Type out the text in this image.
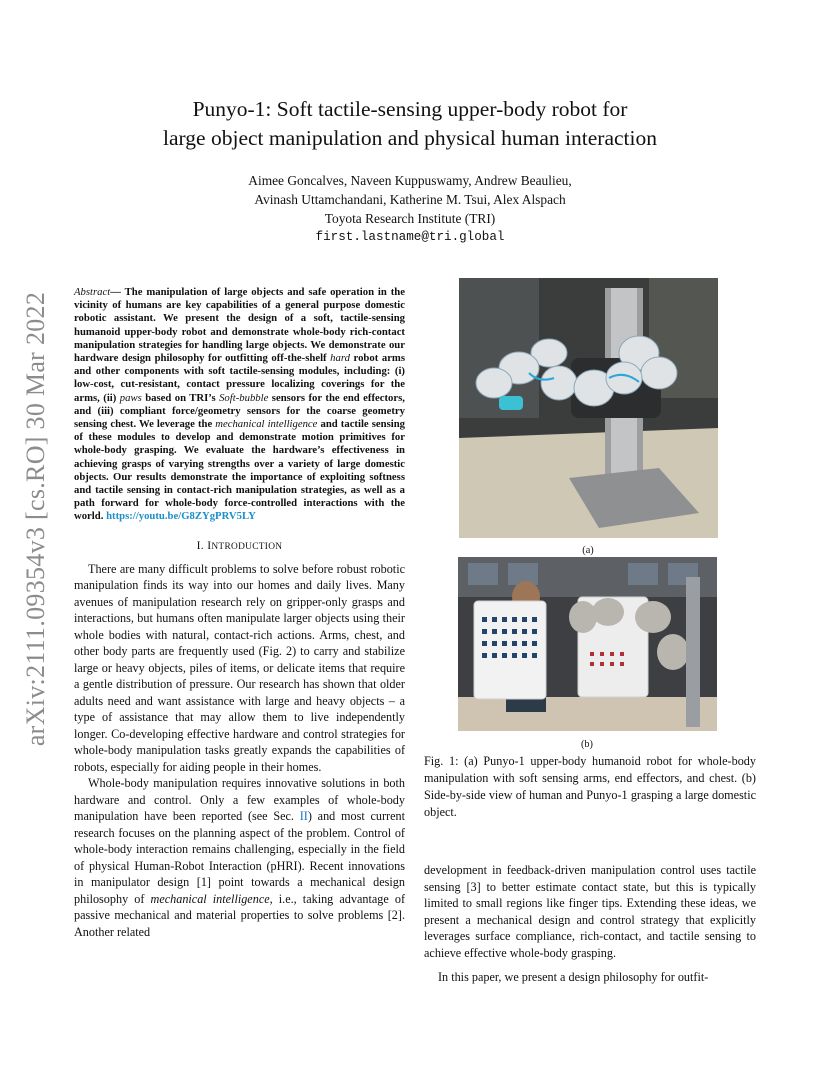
arXiv:2111.09354v3 [cs.RO] 30 Mar 2022
Punyo-1: Soft tactile-sensing upper-body robot for
large object manipulation and physical human interaction
Aimee Goncalves, Naveen Kuppuswamy, Andrew Beaulieu,
Avinash Uttamchandani, Katherine M. Tsui, Alex Alspach
Toyota Research Institute (TRI)
first.lastname@tri.global

Abstract— The manipulation of large objects and safe operation in the vicinity of humans are key capabilities of a general purpose domestic robotic assistant. We present the design of a soft, tactile-sensing humanoid upper-body robot and demonstrate whole-body rich-contact manipulation strategies for handling large objects. We demonstrate our hardware design philosophy for outfitting off-the-shelf hard robot arms and other components with soft tactile-sensing modules, including: (i) low-cost, cut-resistant, contact pressure localizing coverings for the arms, (ii) paws based on TRI’s Soft-bubble sensors for the end effectors, and (iii) compliant force/geometry sensors for the coarse geometry sensing chest. We leverage the mechanical intelligence and tactile sensing of these modules to develop and demonstrate motion primitives for whole-body grasping. We evaluate the hardware’s effectiveness in achieving grasps of varying strengths over a variety of large domestic objects. Our results demonstrate the importance of exploiting softness and tactile sensing in contact-rich manipulation strategies, as well as a path forward for whole-body force-controlled interactions with the world. https://youtu.be/G8ZYgPRV5LY

I. INTRODUCTION

There are many difficult problems to solve before robust robotic manipulation finds its way into our homes and daily lives. Many avenues of manipulation research rely on gripper-only grasps and interactions, but humans often manipulate larger objects using their whole bodies with natural, contact-rich actions. Arms, chest, and other body parts are frequently used (Fig. 2) to carry and stabilize large or heavy objects, piles of items, or delicate items that require a gentle distribution of pressure. Our research has shown that older adults need and want assistance with large and heavy objects – a type of assistance that may allow them to live independently longer. Co-developing effective hardware and control strategies for whole-body manipulation tasks greatly expands the capabilities of robots, especially for aiding people in their homes.

Whole-body manipulation requires innovative solutions in both hardware and control. Only a few examples of whole-body manipulation have been reported (see Sec. II) and most current research focuses on the planning aspect of the problem. Control of whole-body interaction remains challenging, especially in the field of physical Human-Robot Interaction (pHRI). Recent innovations in manipulator design [1] point towards a mechanical design philosophy of mechanical intelligence, i.e., taking advantage of passive mechanical and material properties to solve problems [2]. Another related

(a)
(b)
Fig. 1: (a) Punyo-1 upper-body humanoid robot for whole-body manipulation with soft sensing arms, end effectors, and chest. (b) Side-by-side view of human and Punyo-1 grasping a large domestic object.

development in feedback-driven manipulation control uses tactile sensing [3] to better estimate contact state, but this is typically limited to small regions like finger tips. Extending these ideas, we present a mechanical design and control strategy that explicitly leverages surface compliance, rich-contact, and tactile sensing to achieve effective whole-body grasping.

In this paper, we present a design philosophy for outfit-
